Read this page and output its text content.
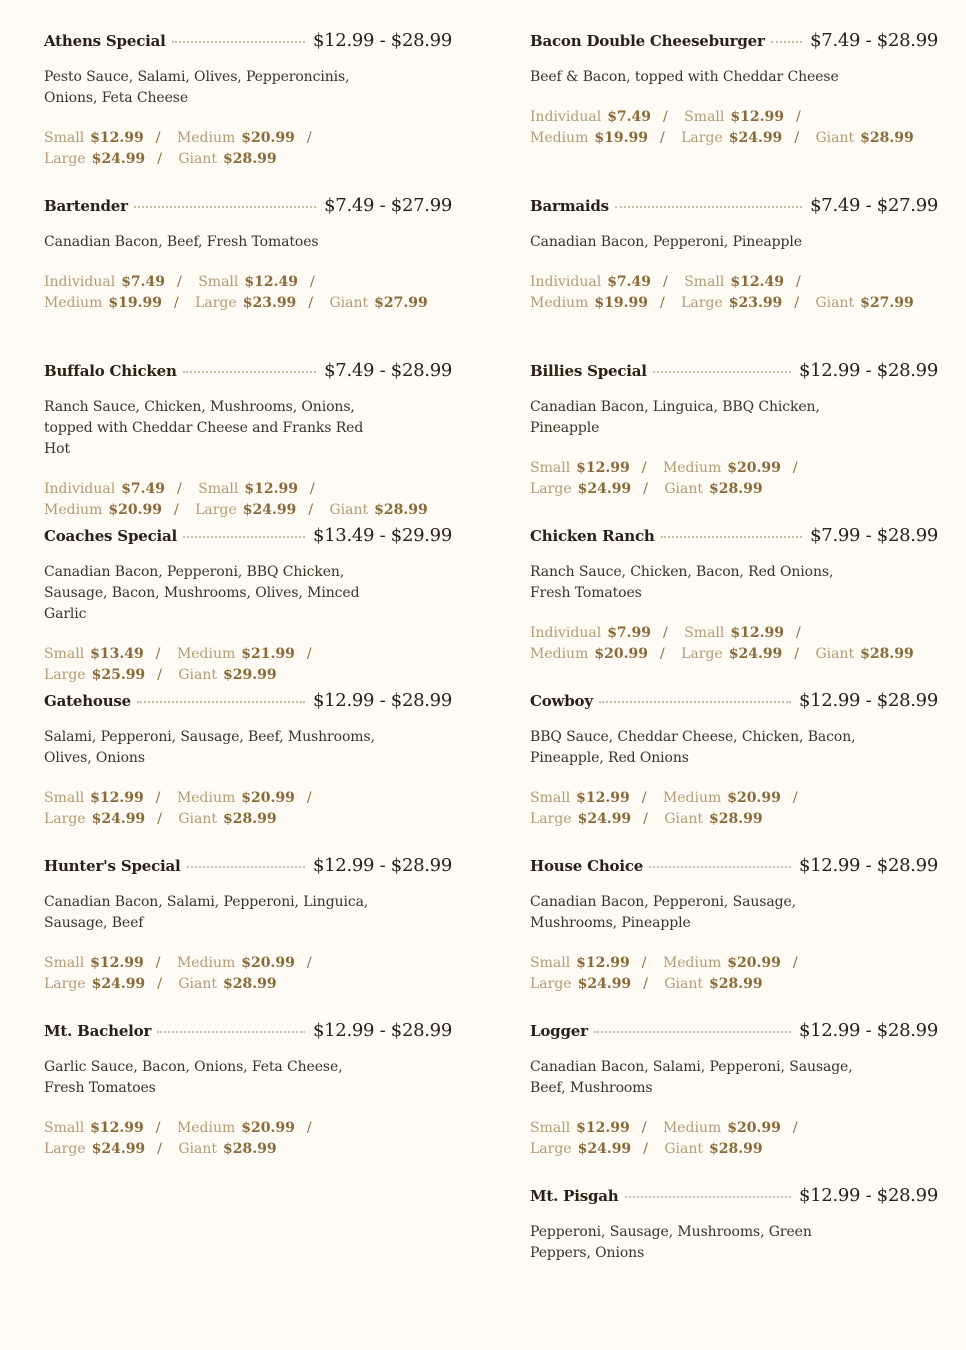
Athens Special	$12.99 - $28.99
Pesto Sauce, Salami, Olives, Pepperoncinis, Onions, Feta Cheese
Small $12.99 / Medium $20.99 / Large $24.99 / Giant $28.99
Bartender	$7.49 - $27.99
Canadian Bacon, Beef, Fresh Tomatoes
Individual $7.49 / Small $12.49 / Medium $19.99 / Large $23.99 / Giant $27.99
Buffalo Chicken	$7.49 - $28.99
Ranch Sauce, Chicken, Mushrooms, Onions, topped with Cheddar Cheese and Franks Red Hot
Individual $7.49 / Small $12.99 / Medium $20.99 / Large $24.99 / Giant $28.99
Coaches Special	$13.49 - $29.99
Canadian Bacon, Pepperoni, BBQ Chicken, Sausage, Bacon, Mushrooms, Olives, Minced Garlic
Small $13.49 / Medium $21.99 / Large $25.99 / Giant $29.99
Gatehouse	$12.99 - $28.99
Salami, Pepperoni, Sausage, Beef, Mushrooms, Olives, Onions
Small $12.99 / Medium $20.99 / Large $24.99 / Giant $28.99
Hunter's Special	$12.99 - $28.99
Canadian Bacon, Salami, Pepperoni, Linguica, Sausage, Beef
Small $12.99 / Medium $20.99 / Large $24.99 / Giant $28.99
Mt. Bachelor	$12.99 - $28.99
Garlic Sauce, Bacon, Onions, Feta Cheese, Fresh Tomatoes
Small $12.99 / Medium $20.99 / Large $24.99 / Giant $28.99
Bacon Double Cheeseburger	$7.49 - $28.99
Beef & Bacon, topped with Cheddar Cheese
Individual $7.49 / Small $12.99 / Medium $19.99 / Large $24.99 / Giant $28.99
Barmaids	$7.49 - $27.99
Canadian Bacon, Pepperoni, Pineapple
Individual $7.49 / Small $12.49 / Medium $19.99 / Large $23.99 / Giant $27.99
Billies Special	$12.99 - $28.99
Canadian Bacon, Linguica, BBQ Chicken, Pineapple
Small $12.99 / Medium $20.99 / Large $24.99 / Giant $28.99
Chicken Ranch	$7.99 - $28.99
Ranch Sauce, Chicken, Bacon, Red Onions, Fresh Tomatoes
Individual $7.99 / Small $12.99 / Medium $20.99 / Large $24.99 / Giant $28.99
Cowboy	$12.99 - $28.99
BBQ Sauce, Cheddar Cheese, Chicken, Bacon, Pineapple, Red Onions
Small $12.99 / Medium $20.99 / Large $24.99 / Giant $28.99
House Choice	$12.99 - $28.99
Canadian Bacon, Pepperoni, Sausage, Mushrooms, Pineapple
Small $12.99 / Medium $20.99 / Large $24.99 / Giant $28.99
Logger	$12.99 - $28.99
Canadian Bacon, Salami, Pepperoni, Sausage, Beef, Mushrooms
Small $12.99 / Medium $20.99 / Large $24.99 / Giant $28.99
Mt. Pisgah	$12.99 - $28.99
Pepperoni, Sausage, Mushrooms, Green Peppers, Onions
